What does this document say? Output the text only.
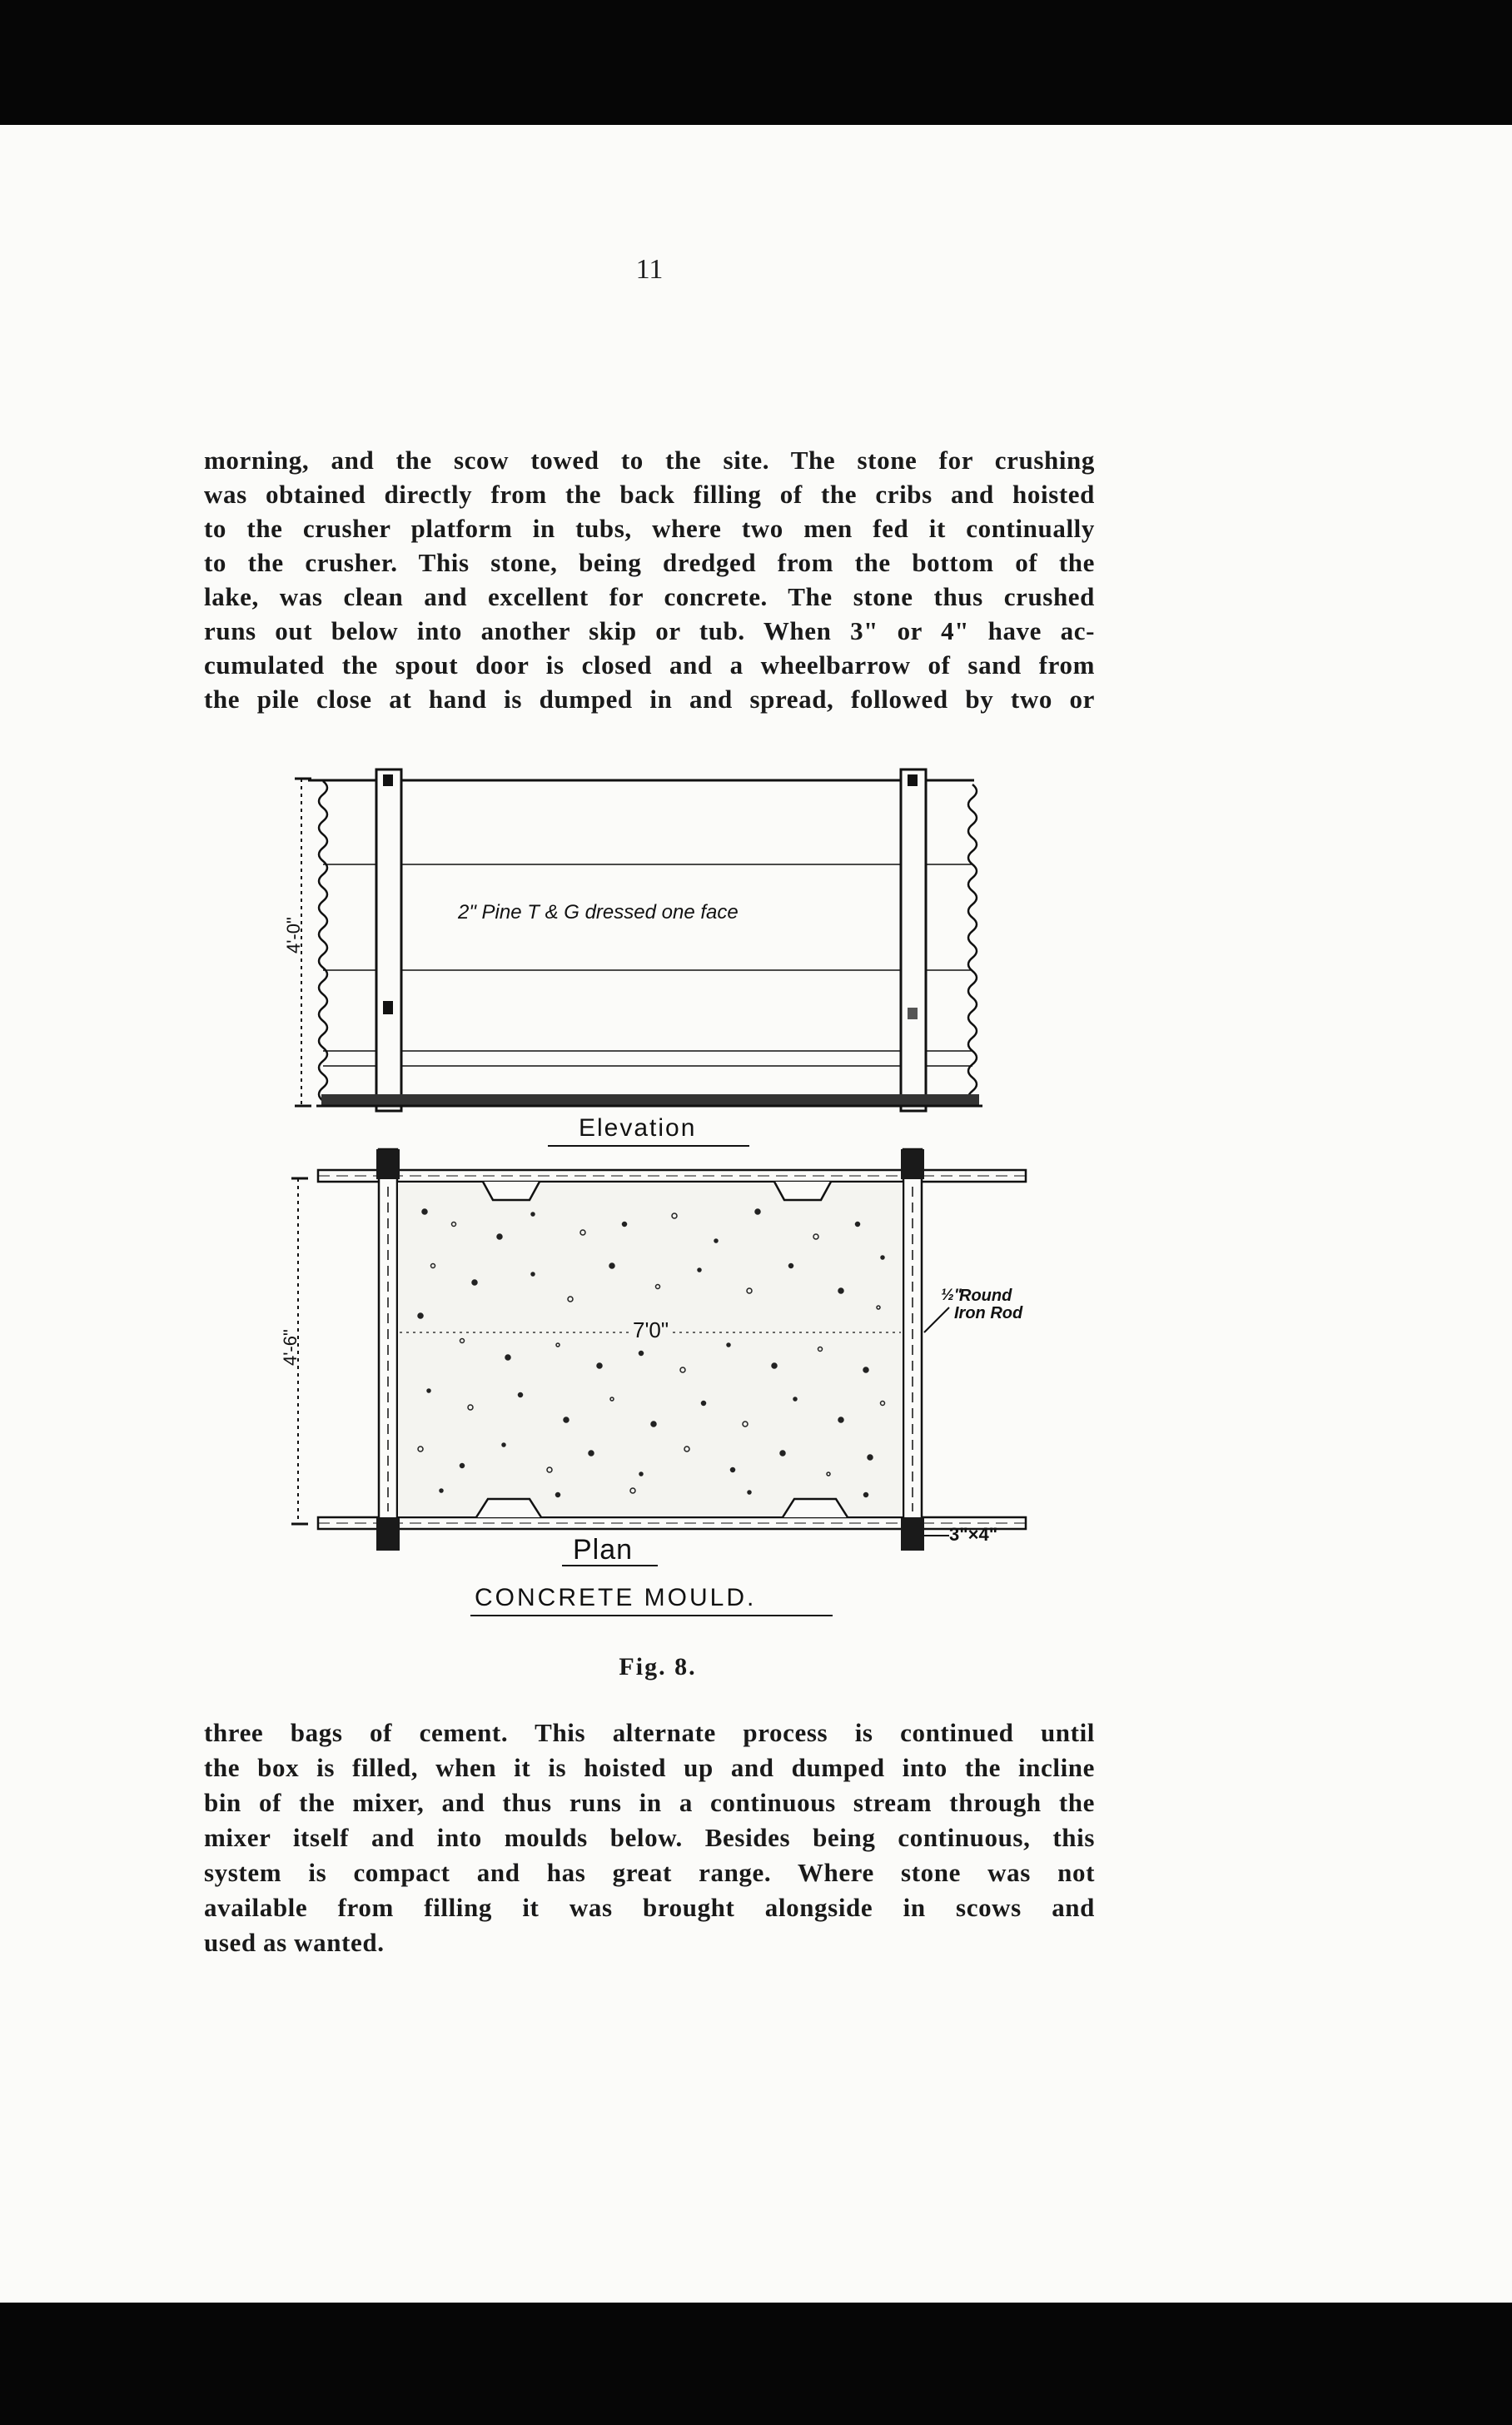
11
morning, and the scow towed to the site. The stone for crushing
was obtained directly from the back filling of the cribs and hoisted
to the crusher platform in tubs, where two men fed it continually
to the crusher. This stone, being dredged from the bottom of the
lake, was clean and excellent for concrete. The stone thus crushed
runs out below into another skip or tub. When 3" or 4" have ac-
cumulated the spout door is closed and a wheelbarrow of sand from
the pile close at hand is dumped in and spread, followed by two or
4'-0"
2" Pine T & G dressed one face
Elevation
4'-6"	7'0"
½"
Round
Iron Rod
3"×4"
Plan
CONCRETE MOULD.
Fig. 8.
three bags of cement. This alternate process is continued until
the box is filled, when it is hoisted up and dumped into the incline
bin of the mixer, and thus runs in a continuous stream through the
mixer itself and into moulds below. Besides being continuous, this
system is compact and has great range. Where stone was not
available from filling it was brought alongside in scows and
used as wanted.
